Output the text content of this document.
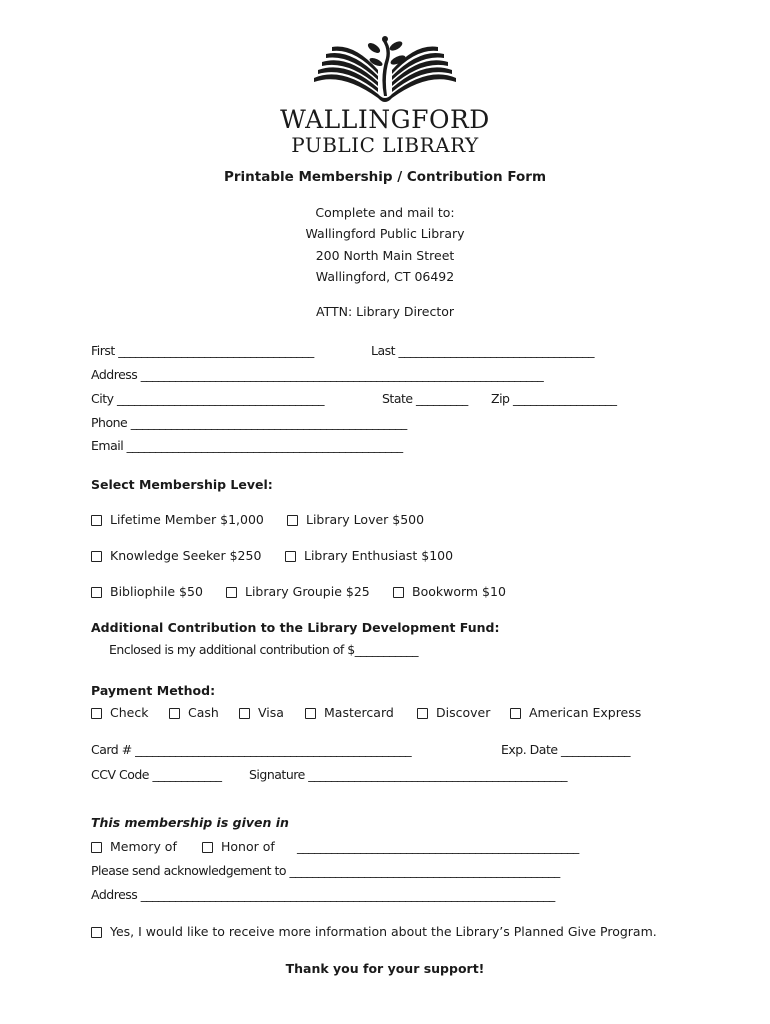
WALLINGFORD
PUBLIC LIBRARY
Printable Membership / Contribution Form
Complete and mail to:
Wallingford Public Library
200 North Main Street
Wallingford, CT 06492
ATTN: Library Director
First __________________________________	Last __________________________________
Address ______________________________________________________________________
City ____________________________________	State _________ Zip __________________
Phone ________________________________________________
Email ________________________________________________
Select Membership Level:
Lifetime Member $1,000	Library Lover $500
Knowledge Seeker $250	Library Enthusiast $100
Bibliophile $50	Library Groupie $25	Bookworm $10
Additional Contribution to the Library Development Fund:
Enclosed is my additional contribution of $___________
Payment Method:
Check	Cash	Visa	Mastercard	Discover	American Express
Card # ________________________________________________	Exp. Date ____________
CCV Code ____________ Signature _____________________________________________
This membership is given in
Memory of	Honor of _________________________________________________
Please send acknowledgement to _______________________________________________
Address ________________________________________________________________________
Yes, I would like to receive more information about the Library’s Planned Give Program.
Thank you for your support!
